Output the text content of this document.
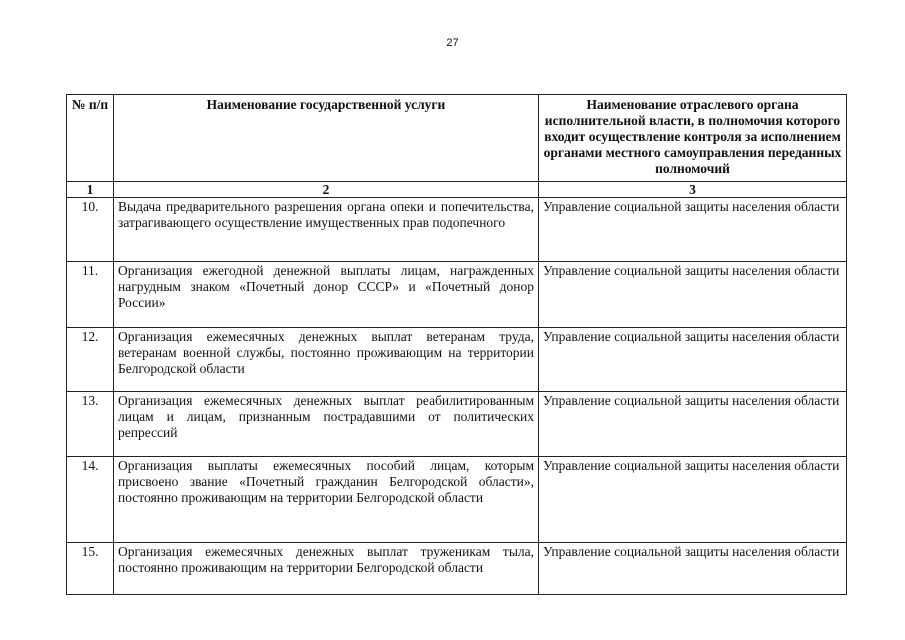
27
№ п/п	Наименование государственной услуги	Наименование отраслевого органа исполнительной власти, в полномочия которого входит осуществление контроля за исполнением органами местного самоуправления переданных полномочий
1	2	3
10.	Выдача предварительного разрешения органа опеки и попечительства, затрагивающего осуществление имущественных прав подопечного	Управление социальной защиты населения области
11.	Организация ежегодной денежной выплаты лицам, награжденных нагрудным знаком «Почетный донор СССР» и «Почетный донор России»	Управление социальной защиты населения области
12.	Организация ежемесячных денежных выплат ветеранам труда, ветеранам военной службы, постоянно проживающим на территории Белгородской области	Управление социальной защиты населения области
13.	Организация ежемесячных денежных выплат реабилитированным лицам и лицам, признанным пострадавшими от политических репрессий	Управление социальной защиты населения области
14.	Организация выплаты ежемесячных пособий лицам, которым присвоено звание «Почетный гражданин Белгородской области», постоянно проживающим на территории Белгородской области	Управление социальной защиты населения области
15.	Организация ежемесячных денежных выплат труженикам тыла, постоянно проживающим на территории Белгородской области	Управление социальной защиты населения области
